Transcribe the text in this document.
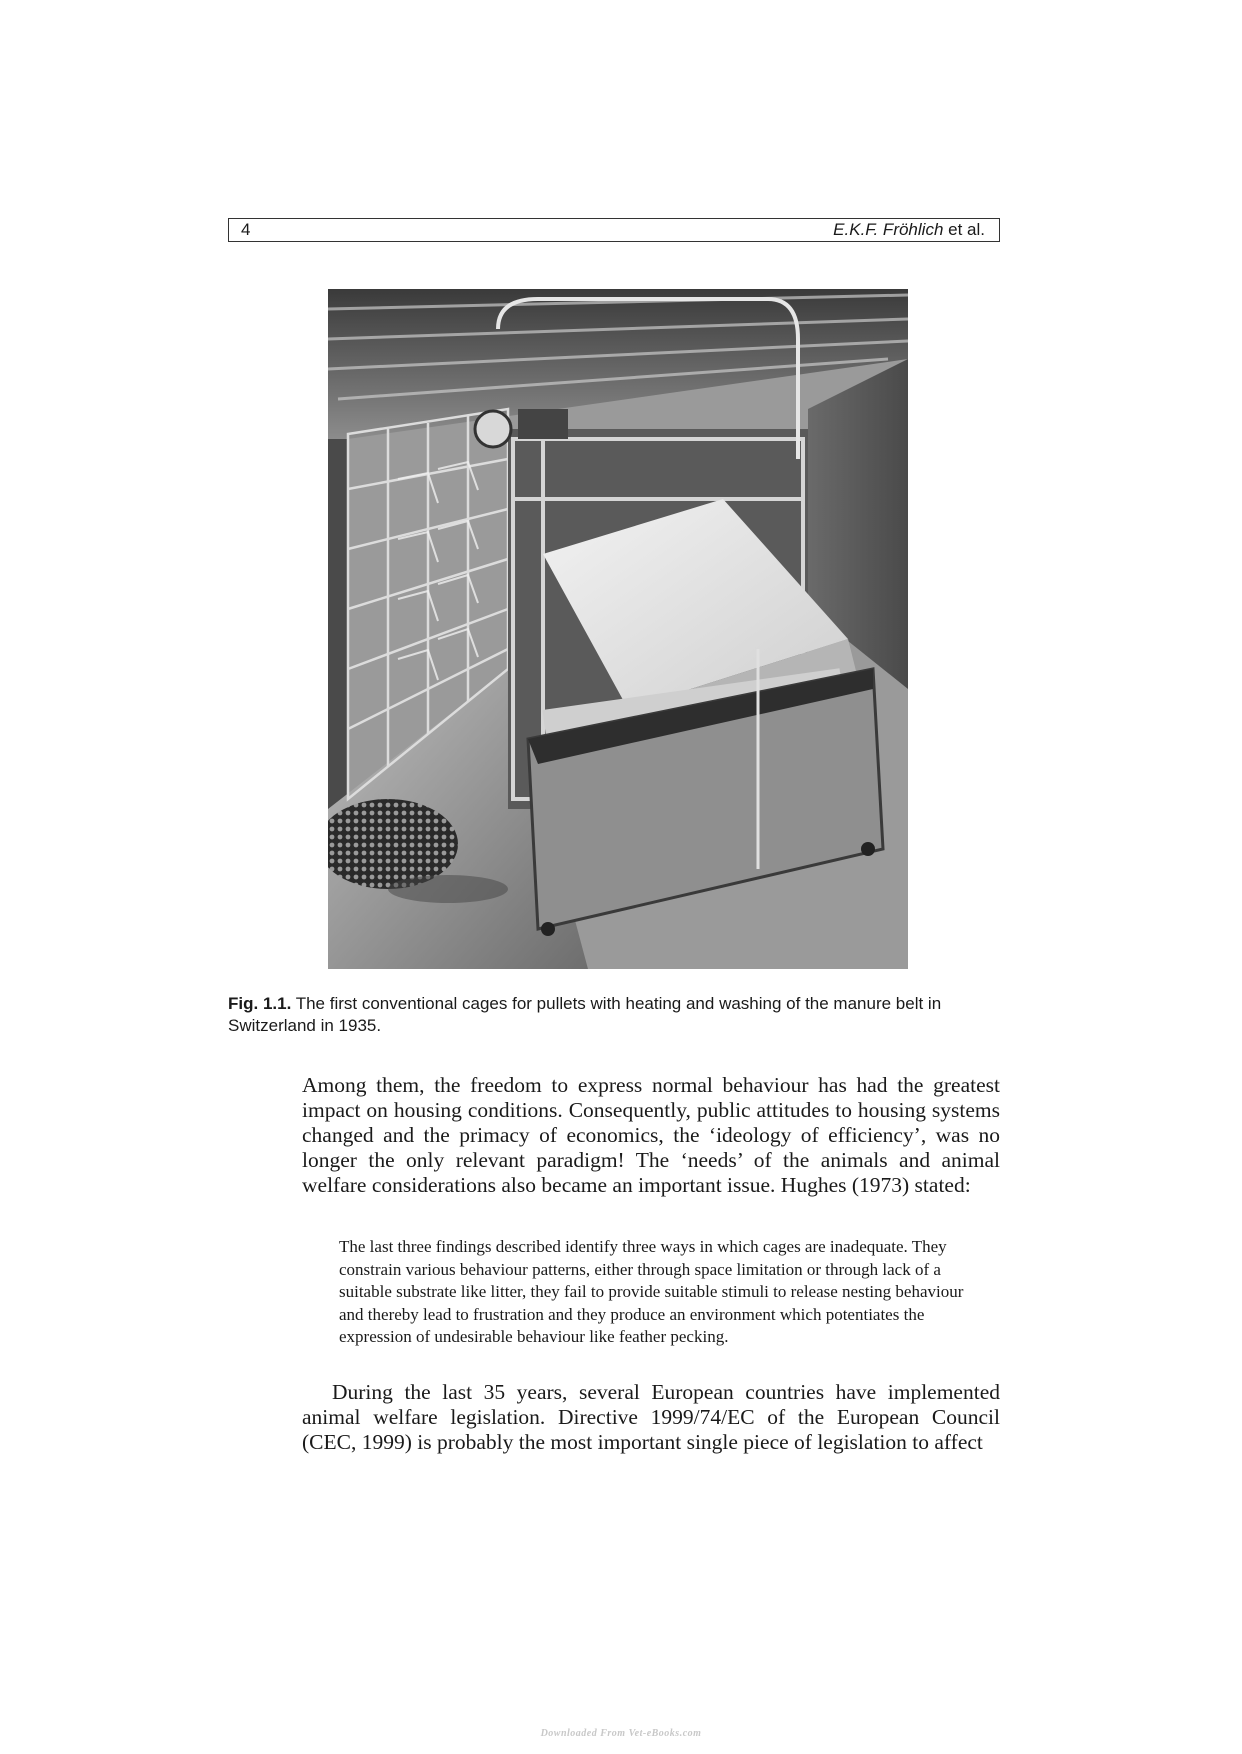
4	E.K.F. Fröhlich et al.
Fig. 1.1. The first conventional cages for pullets with heating and washing of the manure belt in Switzerland in 1935.

Among them, the freedom to express normal behaviour has had the greatest impact on housing conditions. Consequently, public attitudes to housing systems changed and the primacy of economics, the ‘ideology of efficiency’, was no longer the only relevant paradigm! The ‘needs’ of the animals and animal welfare considerations also became an important issue. Hughes (1973) stated:

The last three findings described identify three ways in which cages are inadequate. They constrain various behaviour patterns, either through space limitation or through lack of a suitable substrate like litter, they fail to provide suitable stimuli to release nesting behaviour and thereby lead to frustration and they produce an environment which potentiates the expression of undesirable behaviour like feather pecking.

During the last 35 years, several European countries have implemented animal welfare legislation. Directive 1999/74/EC of the European Council (CEC, 1999) is probably the most important single piece of legislation to affect

Downloaded From Vet-eBooks.com
